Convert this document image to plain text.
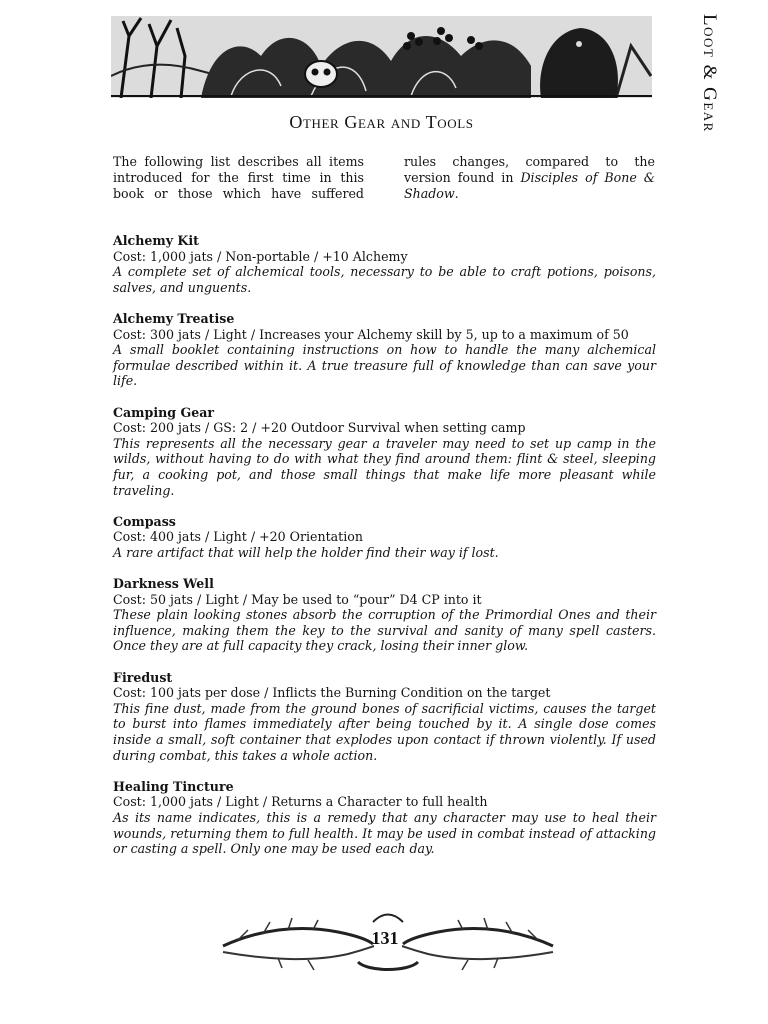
Loot & Gear
Other Gear and Tools
The following list describes all items introduced for the first time in this book or those which have suffered rules changes, compared to the version found in Disciples of Bone & Shadow.
Alchemy Kit
Cost: 1,000 jats / Non-portable / +10 Alchemy
A complete set of alchemical tools, necessary to be able to craft potions, poisons, salves, and unguents.
Alchemy Treatise
Cost: 300 jats / Light / Increases your Alchemy skill by 5, up to a maximum of 50
A small booklet containing instructions on how to handle the many alchemical formulae described within it. A true treasure full of knowledge than can save your life.
Camping Gear
Cost: 200 jats / GS: 2 / +20 Outdoor Survival when setting camp
This represents all the necessary gear a traveler may need to set up camp in the wilds, without having to do with what they find around them: flint & steel, sleeping fur, a cooking pot, and those small things that make life more pleasant while traveling.
Compass
Cost: 400 jats / Light / +20 Orientation
A rare artifact that will help the holder find their way if lost.
Darkness Well
Cost: 50 jats / Light / May be used to “pour” D4 CP into it
These plain looking stones absorb the corruption of the Primordial Ones and their influence, making them the key to the survival and sanity of many spell casters. Once they are at full capacity they crack, losing their inner glow.
Firedust
Cost: 100 jats per dose / Inflicts the Burning Condition on the target
This fine dust, made from the ground bones of sacrificial victims, causes the target to burst into flames immediately after being touched by it. A single dose comes inside a small, soft container that explodes upon contact if thrown violently. If used during combat, this takes a whole action.
Healing Tincture
Cost: 1,000 jats / Light / Returns a Character to full health
As its name indicates, this is a remedy that any character may use to heal their wounds, returning them to full health. It may be used in combat instead of attacking or casting a spell. Only one may be used each day.
131
